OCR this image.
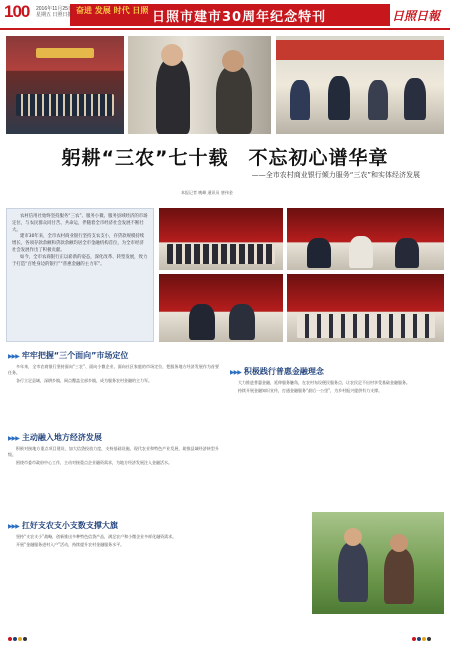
100 2016年11月25日 星期五 日照日报 奋进 发展 时代 日照 日照市建市30周年纪念特刊	日照日報
躬耕“三农”七十载　不忘初心谱华章
——全市农村商业银行倾力服务“三农”和实体经济发展
本报记者 晚峰 通讯员 唐伟金

农村信用社始终坚持服务“三农”、服务小微、服务县域经济的市场定位，与农民群众同甘苦、共命运，伴随着全市经济社会发展不断壮大。

建市30年来，全市农村商业银行坚持支农支小，存贷款规模持续增长，各项存款余额和贷款余额均居全市金融机构首位，为全市经济社会发展作出了积极贡献。

如今，全市农商银行正以崭新的姿态，深化改革、转型发展，致力于打造“百姓身边的银行”“普惠金融的主力军”。

▶▶▶ 牢牢把握“三个面向”市场定位

多年来，全市农商银行坚持面向“三农”、面向小微企业、面向社区家庭的市场定位，把服务地方经济发展作为首要任务。

各行立足县域，深耕乡镇，网点覆盖全部乡镇，成为服务农村金融的主力军。

▶▶▶ 积极践行普惠金融理念

大力推进普惠金融，延伸服务触角，在农村布设便民服务点，让农民足不出村享受基础金融服务。

持续开展金融知识宣传，打通金融服务“最后一公里”，为乡村振兴提供有力支撑。

▶▶▶ 主动融入地方经济发展

积极对接地方重点项目建设，加大信贷投放力度，支持基础设施、现代农业和特色产业发展，助推县域经济转型升级。

围绕市委市政府中心工作，主动对接重点企业融资需求，为地方经济发展注入金融活水。

▶▶▶ 扛好支农支小支数支撑大旗

坚持“支农支小”战略，创新推出多种特色信贷产品，满足农户和小微企业多样化融资需求。

开展“金融服务进村入户”活动，持续提升农村金融服务水平。
